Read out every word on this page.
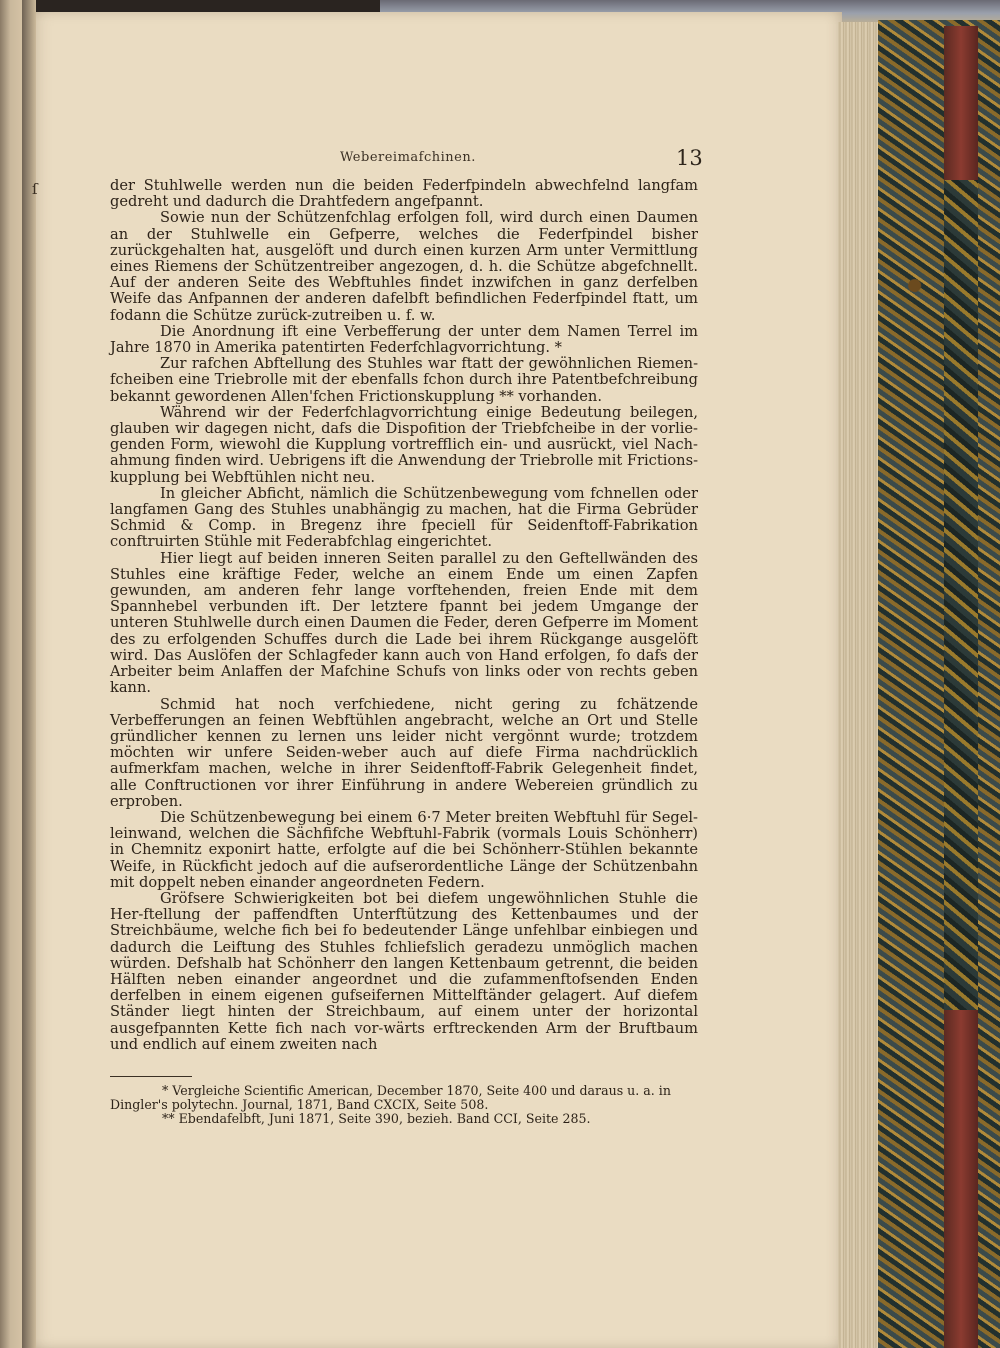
ſ
Webereimafchinen.	13

der Stuhlwelle werden nun die beiden Federfpindeln abwechfelnd langfam gedreht und dadurch die Drahtfedern angefpannt.

Sowie nun der Schützenfchlag erfolgen foll, wird durch einen Daumen an der Stuhlwelle ein Gefperre, welches die Federfpindel bisher zurückgehalten hat, ausgelöft und durch einen kurzen Arm unter Vermittlung eines Riemens der Schützentreiber angezogen, d. h. die Schütze abgefchnellt. Auf der anderen Seite des Webftuhles findet inzwifchen in ganz derfelben Weife das Anfpannen der anderen dafelbft befindlichen Federfpindel ftatt, um fodann die Schütze zurück-zutreiben u. f. w.

Die Anordnung ift eine Verbefferung der unter dem Namen Terrel im Jahre 1870 in Amerika patentirten Federfchlagvorrichtung. *

Zur rafchen Abftellung des Stuhles war ftatt der gewöhnlichen Riemen-fcheiben eine Triebrolle mit der ebenfalls fchon durch ihre Patentbefchreibung bekannt gewordenen Allen'fchen Frictionskupplung ** vorhanden.

Während wir der Federfchlagvorrichtung einige Bedeutung beilegen, glauben wir dagegen nicht, dafs die Dispofition der Triebfcheibe in der vorlie-genden Form, wiewohl die Kupplung vortrefflich ein- und ausrückt, viel Nach-ahmung finden wird. Uebrigens ift die Anwendung der Triebrolle mit Frictions-kupplung bei Webftühlen nicht neu.

In gleicher Abficht, nämlich die Schützenbewegung vom fchnellen oder langfamen Gang des Stuhles unabhängig zu machen, hat die Firma Gebrüder Schmid & Comp. in Bregenz ihre fpeciell für Seidenftoff-Fabrikation conftruirten Stühle mit Federabfchlag eingerichtet.

Hier liegt auf beiden inneren Seiten parallel zu den Geftellwänden des Stuhles eine kräftige Feder, welche an einem Ende um einen Zapfen gewunden, am anderen fehr lange vorftehenden, freien Ende mit dem Spannhebel verbunden ift. Der letztere fpannt bei jedem Umgange der unteren Stuhlwelle durch einen Daumen die Feder, deren Gefperre im Moment des zu erfolgenden Schuffes durch die Lade bei ihrem Rückgange ausgelöft wird. Das Auslöfen der Schlagfeder kann auch von Hand erfolgen, fo dafs der Arbeiter beim Anlaffen der Mafchine Schufs von links oder von rechts geben kann.

Schmid hat noch verfchiedene, nicht gering zu fchätzende Verbefferungen an feinen Webftühlen angebracht, welche an Ort und Stelle gründlicher kennen zu lernen uns leider nicht vergönnt wurde; trotzdem möchten wir unfere Seiden-weber auch auf diefe Firma nachdrücklich aufmerkfam machen, welche in ihrer Seidenftoff-Fabrik Gelegenheit findet, alle Conftructionen vor ihrer Einführung in andere Webereien gründlich zu erproben.

Die Schützenbewegung bei einem 6·7 Meter breiten Webftuhl für Segel-leinwand, welchen die Sächfifche Webftuhl-Fabrik (vormals Louis Schönherr) in Chemnitz exponirt hatte, erfolgte auf die bei Schönherr-Stühlen bekannte Weife, in Rückficht jedoch auf die aufserordentliche Länge der Schützenbahn mit doppelt neben einander angeordneten Federn.

Gröfsere Schwierigkeiten bot bei diefem ungewöhnlichen Stuhle die Her-ftellung der paffendften Unterftützung des Kettenbaumes und der Streichbäume, welche fich bei fo bedeutender Länge unfehlbar einbiegen und dadurch die Leiftung des Stuhles fchliefslich geradezu unmöglich machen würden. Defshalb hat Schönherr den langen Kettenbaum getrennt, die beiden Hälften neben einander angeordnet und die zufammenftofsenden Enden derfelben in einem eigenen gufseifernen Mittelftänder gelagert. Auf diefem Ständer liegt hinten der Streichbaum, auf einem unter der horizontal ausgefpannten Kette fich nach vor-wärts erftreckenden Arm der Bruftbaum und endlich auf einem zweiten nach

* Vergleiche Scientific American, December 1870, Seite 400 und daraus u. a. in Dingler's polytechn. Journal, 1871, Band CXCIX, Seite 508.

** Ebendafelbft, Juni 1871, Seite 390, bezieh. Band CCI, Seite 285.
